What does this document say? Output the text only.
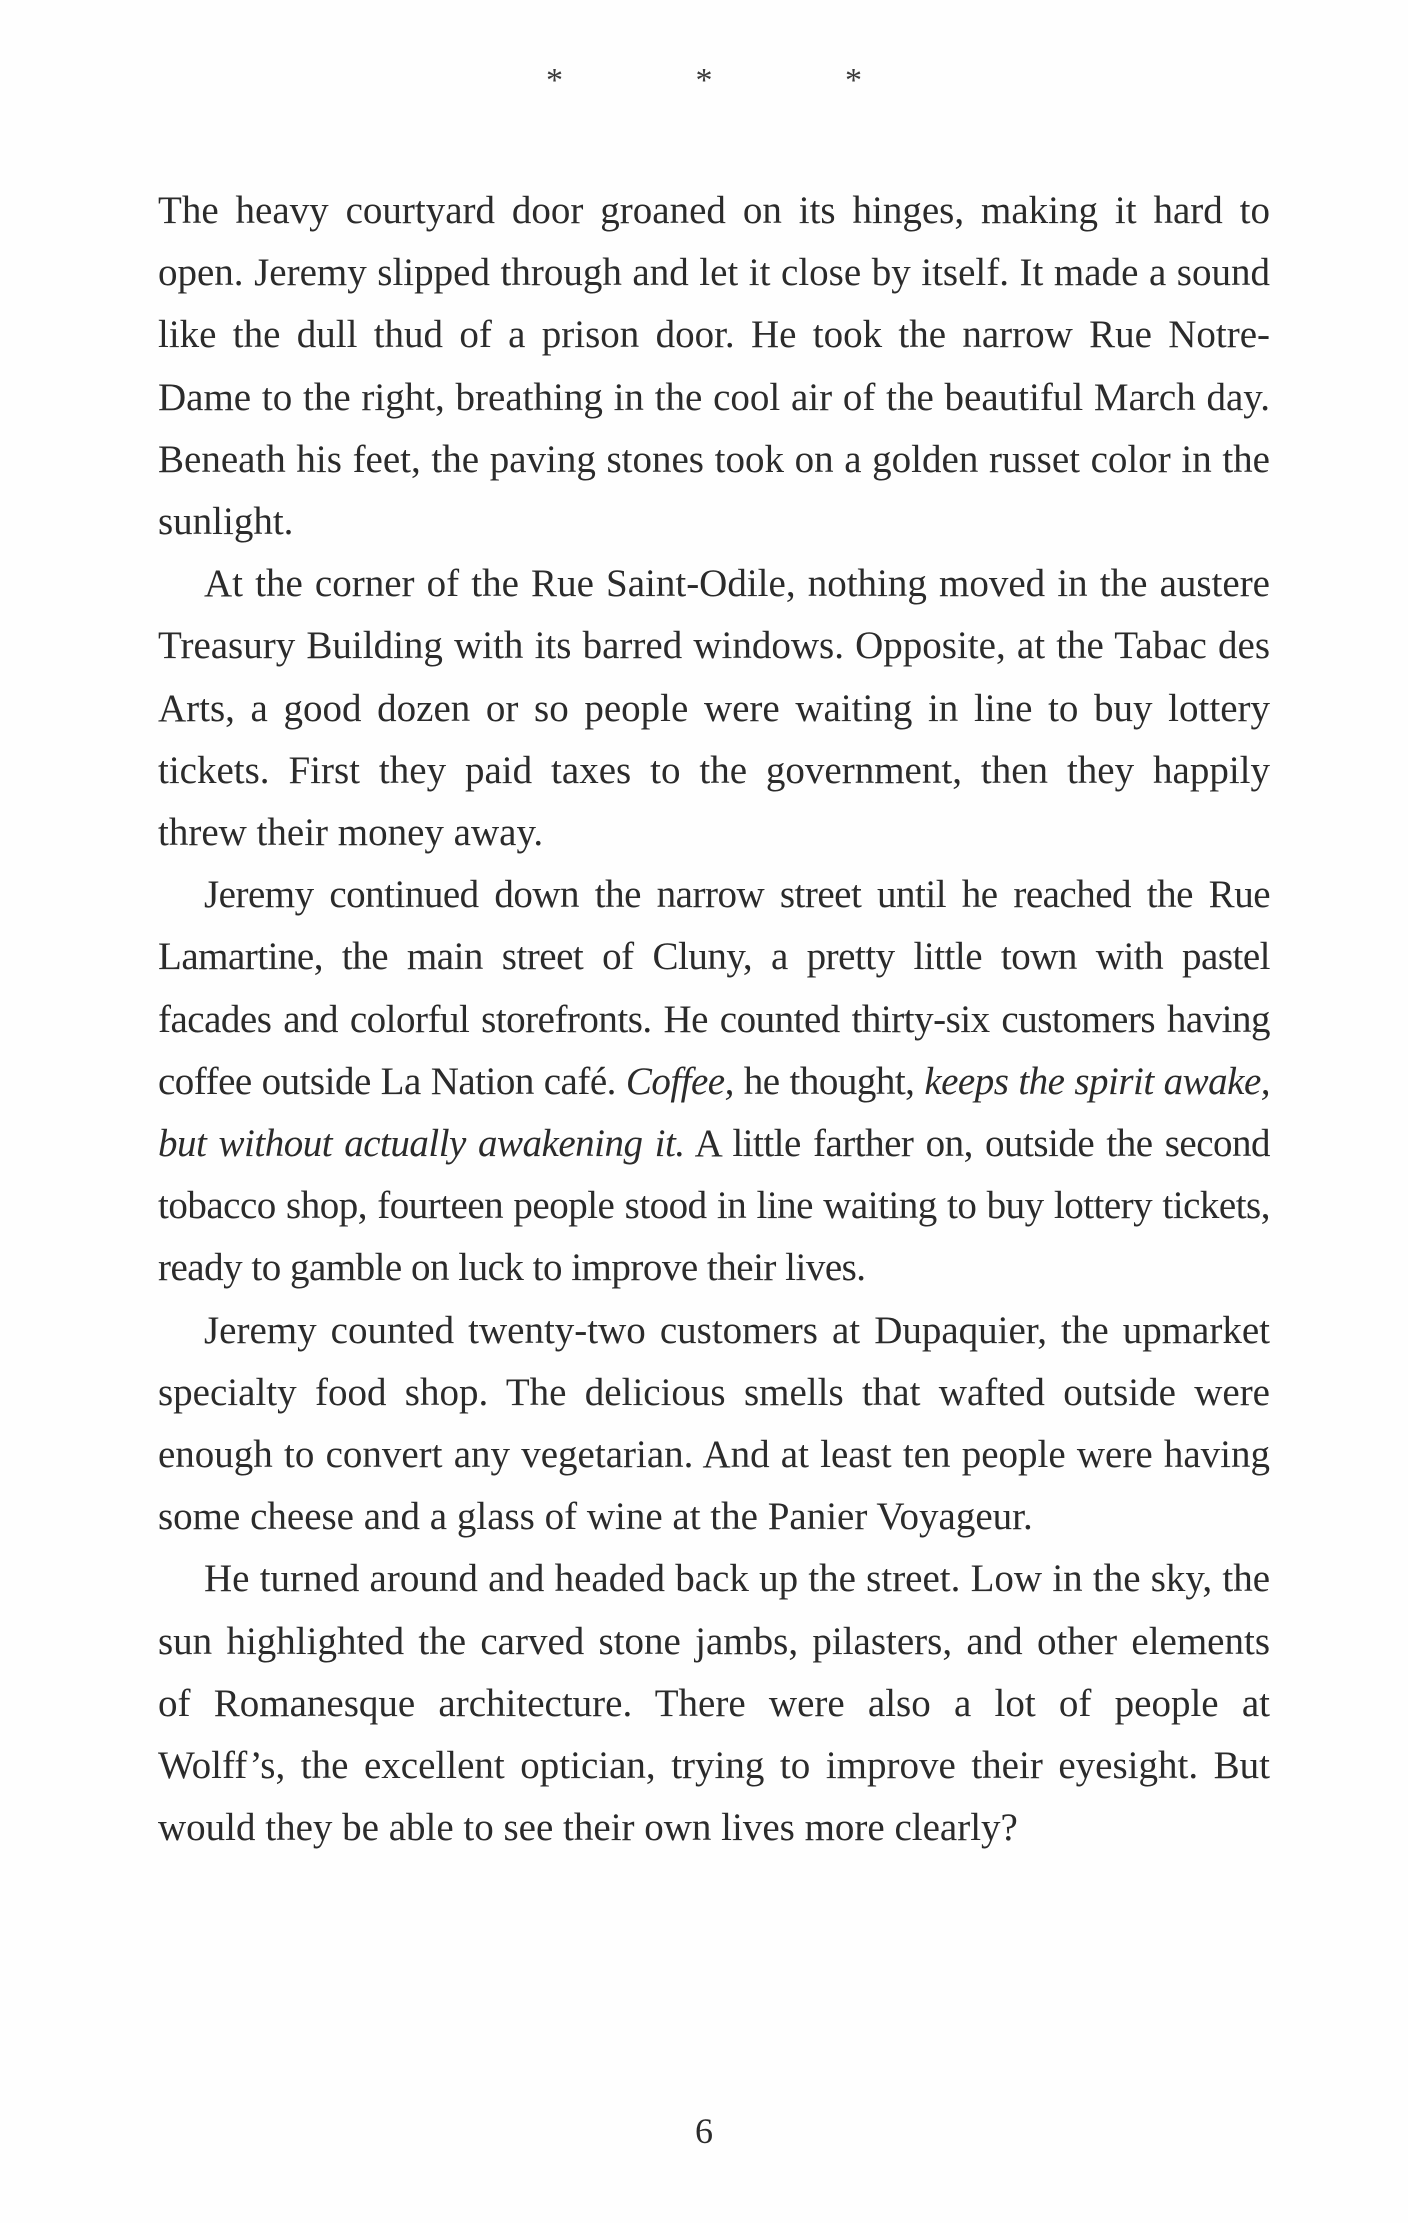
* * *

The heavy courtyard door groaned on its hinges, making it hard to open. Jeremy slipped through and let it close by itself. It made a sound like the dull thud of a prison door. He took the narrow Rue Notre-Dame to the right, breathing in the cool air of the beautiful March day. Beneath his feet, the paving stones took on a golden russet color in the sunlight.

At the corner of the Rue Saint-Odile, nothing moved in the austere Treasury Building with its barred windows. Opposite, at the Tabac des Arts, a good dozen or so people were waiting in line to buy lottery tickets. First they paid taxes to the government, then they happily threw their money away.

Jeremy continued down the narrow street until he reached the Rue Lamartine, the main street of Cluny, a pretty little town with pastel facades and colorful storefronts. He counted thirty-six customers having coffee outside La Nation café. Coffee, he thought, keeps the spirit awake, but without actually awakening it. A little farther on, outside the second tobacco shop, fourteen people stood in line waiting to buy lottery tickets, ready to gamble on luck to improve their lives.

Jeremy counted twenty-two customers at Dupaquier, the upmarket specialty food shop. The delicious smells that wafted outside were enough to convert any vegetarian. And at least ten people were having some cheese and a glass of wine at the Panier Voyageur.

He turned around and headed back up the street. Low in the sky, the sun highlighted the carved stone jambs, pilasters, and other elements of Romanesque architecture. There were also a lot of people at Wolff’s, the excellent optician, trying to improve their eyesight. But would they be able to see their own lives more clearly?

6
